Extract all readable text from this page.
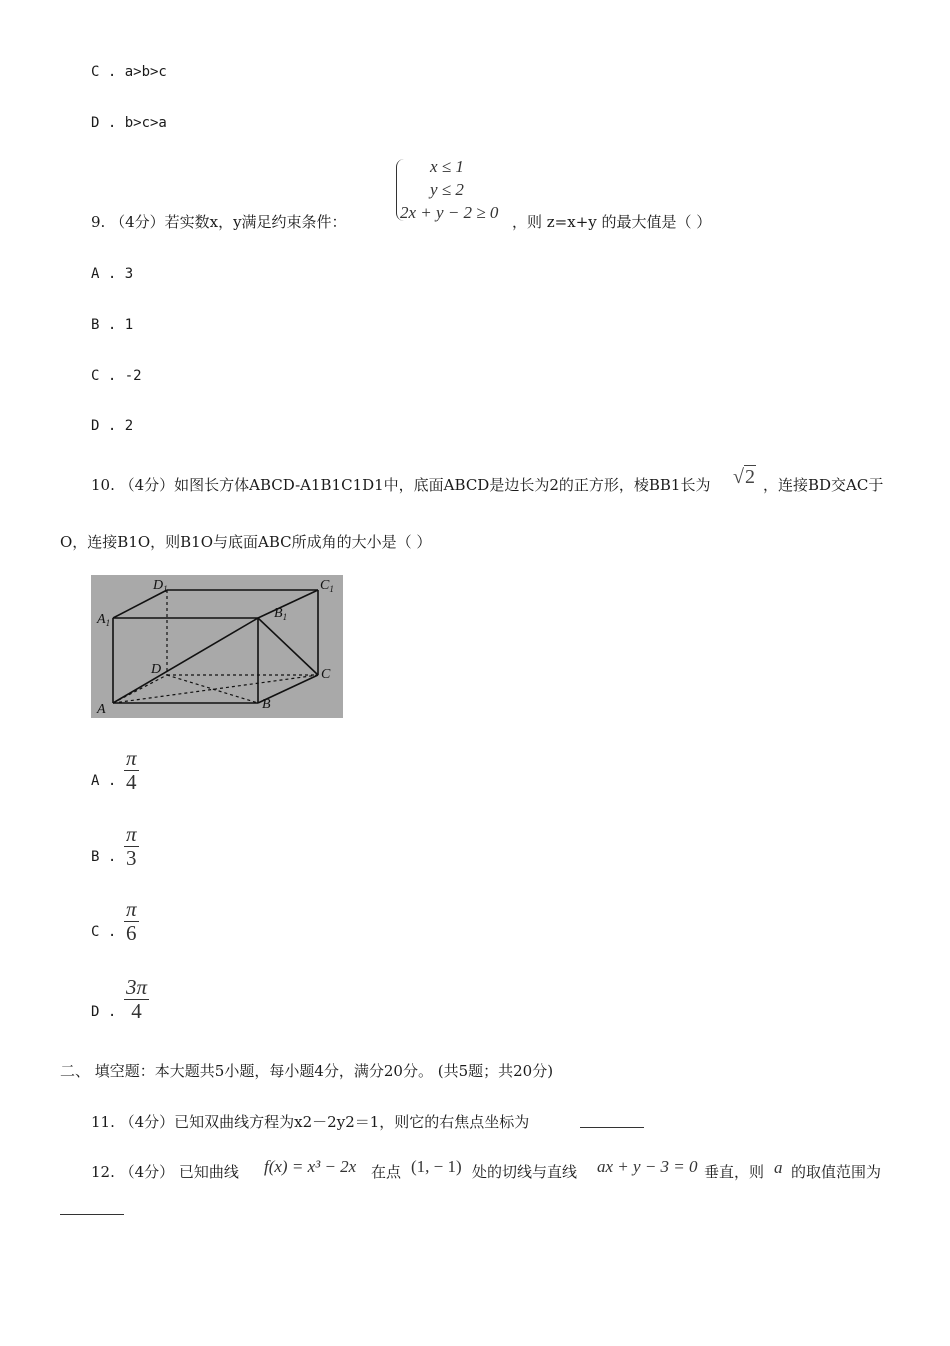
C . a>b>c
D . b>c>a
9. （4分）若实数x，y满足约束条件：
x ≤ 1
y ≤ 2
2x + y − 2 ≥ 0 ，则 z=x+y 的最大值是（ ）
A . 3
B . 1
C . -2
D . 2
10. （4分）如图长方体ABCD-A1B1C1D1中，底面ABCD是边长为2的正方形，棱BB1长为 √2 ，连接BD交AC于
O，连接B1O，则B1O与底面ABC所成角的大小是（ ）
$D_1$	$C_1$
$A_1$
$B_1$
D	C
A	B
A . $\frac{\pi}{4}$
B . $\frac{\pi}{3}$
C . $\frac{\pi}{6}$
D . $\frac{3\pi}{4}$
二、 填空题：本大题共5小题，每小题4分，满分20分。 (共5题；共20分)
11. （4分）已知双曲线方程为x2－2y2＝1，则它的右焦点坐标为
12. （4分） 已知曲线 f(x) = x³ − 2x 在点 (1, − 1) 处的切线与直线 ax + y − 3 = 0 垂直，则 a 的取值范围为
